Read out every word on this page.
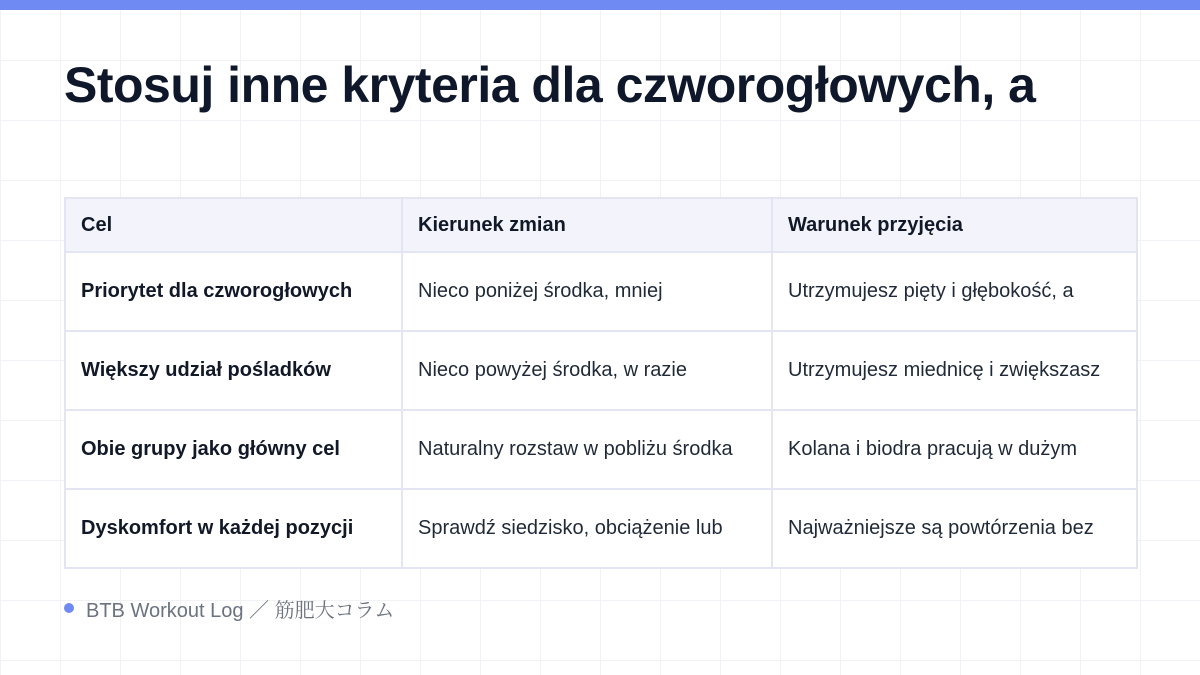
Stosuj inne kryteria dla czworogłowych, a
Cel	Kierunek zmian	Warunek przyjęcia
Priorytet dla czworogłowych	Nieco poniżej środka, mniej	Utrzymujesz pięty i głębokość, a
Większy udział pośladków	Nieco powyżej środka, w razie	Utrzymujesz miednicę i zwiększasz
Obie grupy jako główny cel	Naturalny rozstaw w pobliżu środka	Kolana i biodra pracują w dużym
Dyskomfort w każdej pozycji	Sprawdź siedzisko, obciążenie lub	Najważniejsze są powtórzenia bez
BTB Workout Log ／ 筋肥大コラム
